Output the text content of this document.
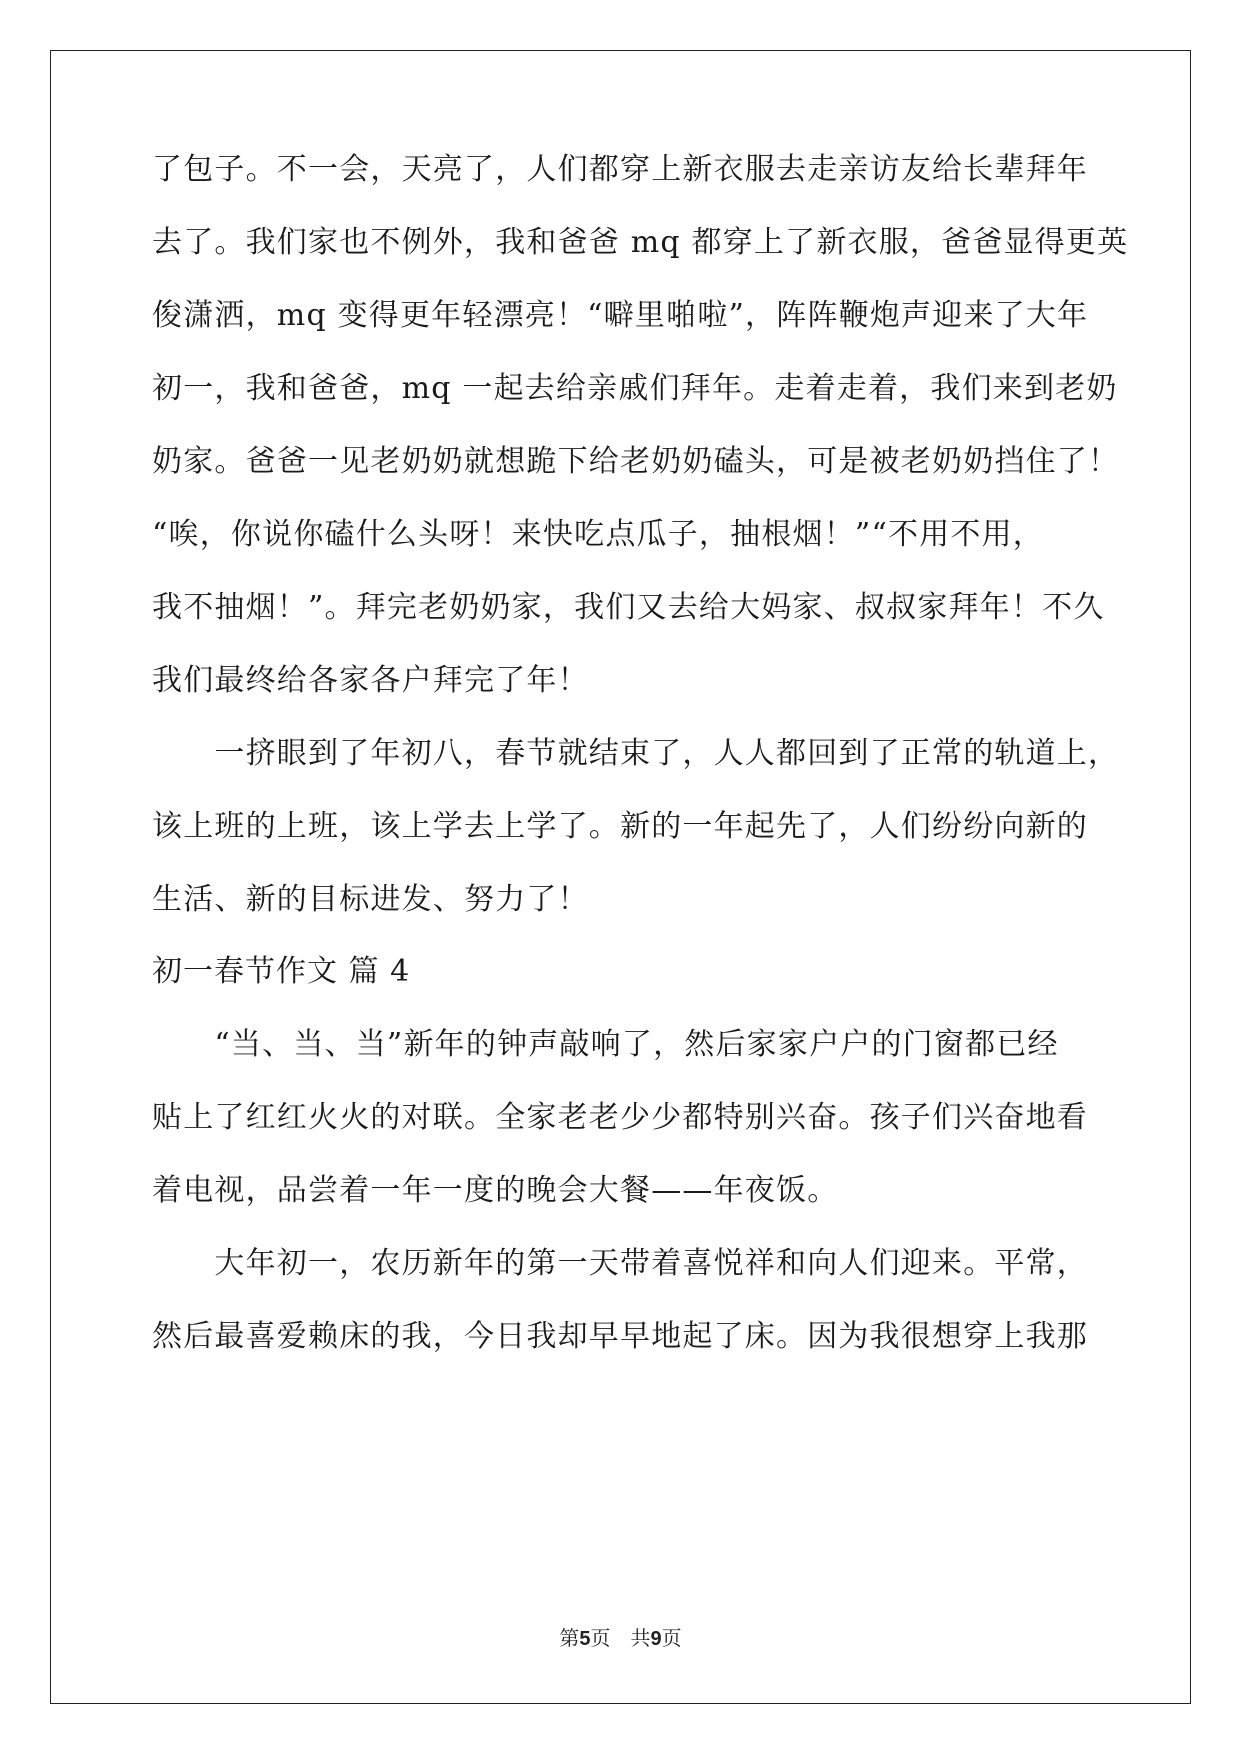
了包子。不一会，天亮了，人们都穿上新衣服去走亲访友给长辈拜年
去了。我们家也不例外，我和爸爸 mq 都穿上了新衣服，爸爸显得更英
俊潇洒，mq 变得更年轻漂亮！“噼里啪啦”，阵阵鞭炮声迎来了大年
初一，我和爸爸，mq 一起去给亲戚们拜年。走着走着，我们来到老奶
奶家。爸爸一见老奶奶就想跪下给老奶奶磕头，可是被老奶奶挡住了！
“唉，你说你磕什么头呀！来快吃点瓜子，抽根烟！”“不用不用，
我不抽烟！”。拜完老奶奶家，我们又去给大妈家、叔叔家拜年！不久
我们最终给各家各户拜完了年！
　　一挤眼到了年初八，春节就结束了，人人都回到了正常的轨道上，
该上班的上班，该上学去上学了。新的一年起先了，人们纷纷向新的
生活、新的目标进发、努力了！
初一春节作文 篇 4
　　“当、当、当”新年的钟声敲响了，然后家家户户的门窗都已经
贴上了红红火火的对联。全家老老少少都特别兴奋。孩子们兴奋地看
着电视，品尝着一年一度的晚会大餐——年夜饭。
　　大年初一，农历新年的第一天带着喜悦祥和向人们迎来。平常，
然后最喜爱赖床的我，今日我却早早地起了床。因为我很想穿上我那
第5页　共9页
